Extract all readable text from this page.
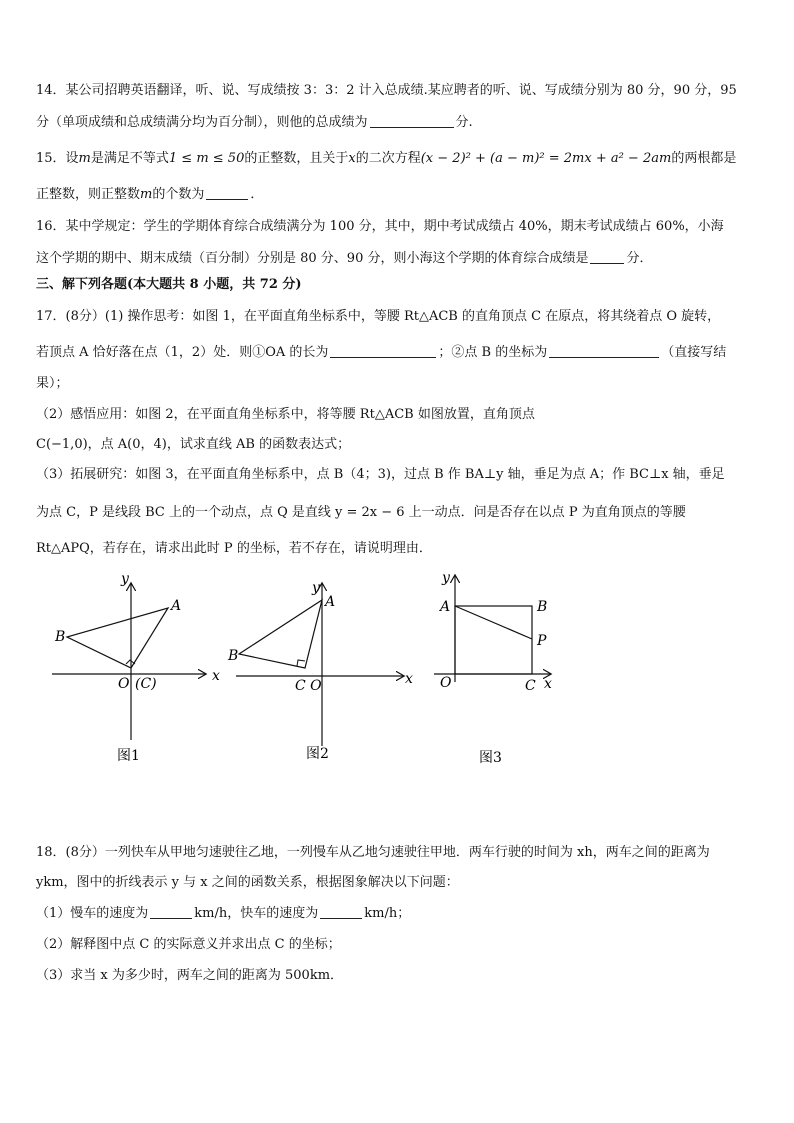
14．某公司招聘英语翻译，听、说、写成绩按 3：3：2 计入总成绩.某应聘者的听、说、写成绩分别为 80 分，90 分，95
分（单项成绩和总成绩满分均为百分制），则他的总成绩为	分.
15．设m是满足不等式1 ≤ m ≤ 50的正整数，且关于x的二次方程(x − 2)² + (a − m)² = 2mx + a² − 2am的两根都是
正整数，则正整数m的个数为	．
16．某中学规定：学生的学期体育综合成绩满分为 100 分，其中，期中考试成绩占 40%，期末考试成绩占 60%，小海
这个学期的期中、期末成绩（百分制）分别是 80 分、90 分，则小海这个学期的体育综合成绩是	分．
三、解下列各题(本大题共 8 小题，共 72 分)
17．(8分）(1) 操作思考：如图 1，在平面直角坐标系中，等腰 Rt△ACB 的直角顶点 C 在原点，将其绕着点 O 旋转，
若顶点 A 恰好落在点（1，2）处．则①OA 的长为	；②点 B 的坐标为	（直接写结
果）；
（2）感悟应用：如图 2，在平面直角坐标系中，将等腰 Rt△ACB 如图放置，直角顶点
C(−1,0)，点 A(0，4)，试求直线 AB 的函数表达式；
（3）拓展研究：如图 3，在平面直角坐标系中，点 B（4；3)，过点 B 作 BA⊥y 轴，垂足为点 A；作 BC⊥x 轴，垂足
为点 C，P 是线段 BC 上的一个动点，点 Q 是直线 y = 2x − 6 上一动点．问是否存在以点 P 为直角顶点的等腰
Rt△APQ，若存在，请求出此时 P 的坐标，若不存在，请说明理由．
y
x
A
B
O (C)
图1
y
x
A
B
C O
图2
y
x
A	B
P
O	C
图3
18．(8分）一列快车从甲地匀速驶往乙地，一列慢车从乙地匀速驶往甲地．两车行驶的时间为 xh，两车之间的距离为
ykm，图中的折线表示 y 与 x 之间的函数关系，根据图象解决以下问题：
（1）慢车的速度为	km/h，快车的速度为	km/h；
（2）解释图中点 C 的实际意义并求出点 C 的坐标；
（3）求当 x 为多少时，两车之间的距离为 500km．
